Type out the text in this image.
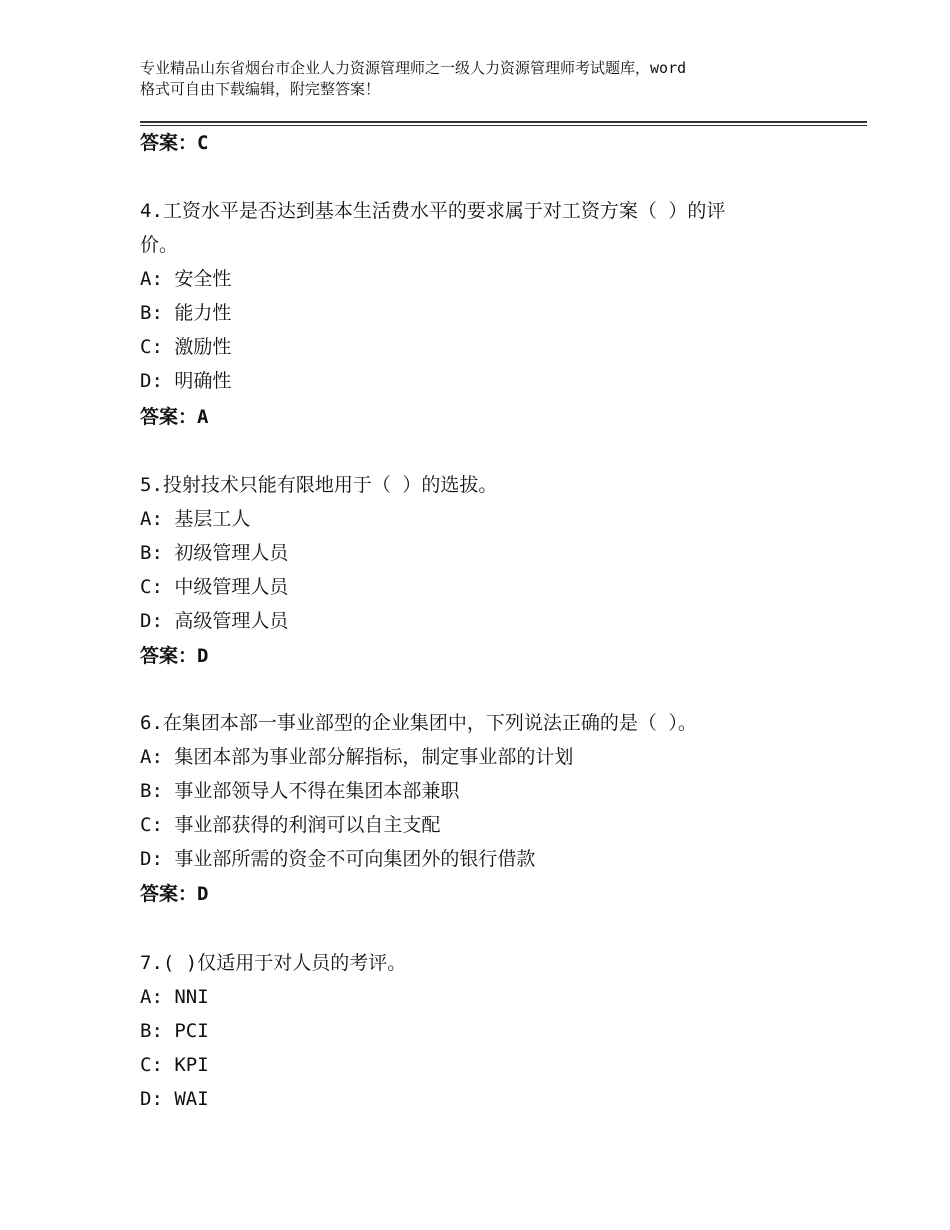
专业精品山东省烟台市企业人力资源管理师之一级人力资源管理师考试题库，word
格式可自由下载编辑，附完整答案！
答案：C
4.工资水平是否达到基本生活费水平的要求属于对工资方案（ ）的评
价。
A: 安全性
B: 能力性
C: 激励性
D: 明确性
答案：A
5.投射技术只能有限地用于（ ）的选拔。
A: 基层工人
B: 初级管理人员
C: 中级管理人员
D: 高级管理人员
答案：D
6.在集团本部一事业部型的企业集团中，下列说法正确的是（ ）。
A: 集团本部为事业部分解指标，制定事业部的计划
B: 事业部领导人不得在集团本部兼职
C: 事业部获得的利润可以自主支配
D: 事业部所需的资金不可向集团外的银行借款
答案：D
7.( )仅适用于对人员的考评。
A: NNI
B: PCI
C: KPI
D: WAI
